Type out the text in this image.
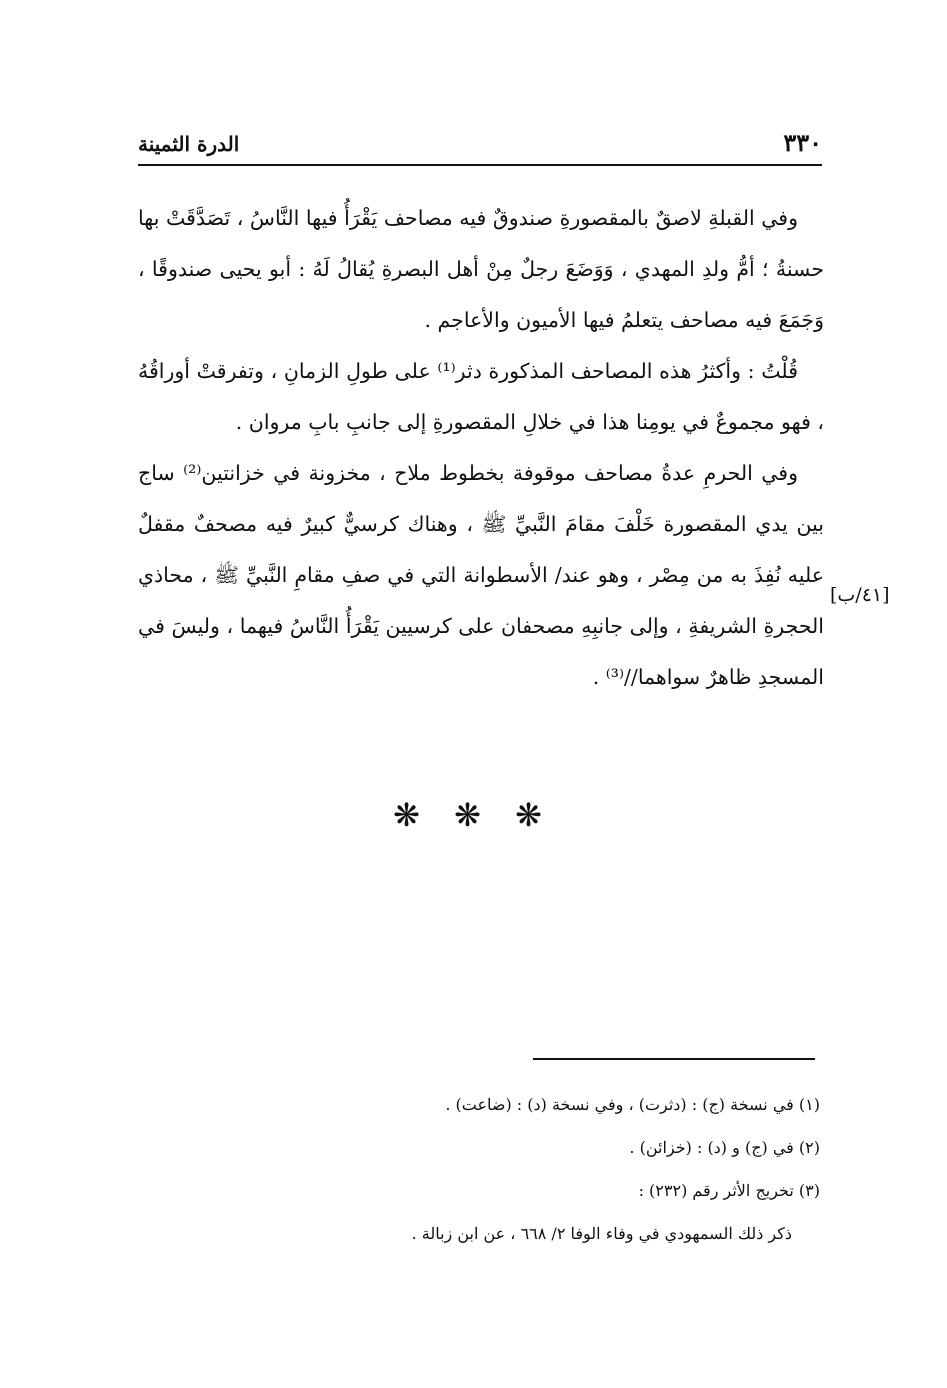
٣٣٠
الدرة الثمينة

وفي القبلةِ لاصقٌ بالمقصورةِ صندوقٌ فيه مصاحف يَقْرَأُ فيها النَّاسُ ، تَصَدَّقَتْ بها حسنةُ ؛ أمُّ ولدِ المهدي ، وَوَضَعَ رجلٌ مِنْ أهل البصرةِ يُقالُ لَهُ : أبو يحيى صندوقًا ، وَجَمَعَ فيه مصاحف يتعلمُ فيها الأميون والأعاجم .

قُلْتُ : وأكثرُ هذه المصاحف المذكورة دثر⁽¹⁾ على طولِ الزمانِ ، وتفرقتْ أوراقُهُ ، فهو مجموعٌ في يومِنا هذا في خلالِ المقصورةِ إلى جانبِ بابِ مروان .

وفي الحرمِ عدةُ مصاحف موقوفة بخطوط ملاح ، مخزونة في خزانتين⁽²⁾ ساج بين يدي المقصورة خَلْفَ مقامَ النَّبيِّ ﷺ ، وهناك كرسيٌّ كبيرٌ فيه مصحفٌ مقفلٌ عليه نُفِذَ به من مِصْر ، وهو عند/ الأسطوانة التي في صفِ مقامِ النَّبيِّ ﷺ ، محاذي الحجرةِ الشريفةِ ، وإلى جانبِهِ مصحفان على كرسيين يَقْرَأُ النَّاسُ فيهما ، وليسَ في المسجدِ ظاهرٌ سواهما//⁽³⁾ .

[٤١/ب]
❋ ❋ ❋

(١) في نسخة (ج) : (دثرت) ، وفي نسخة (د) : (ضاعت) .

(٢) في (ج) و (د) : (خزائن) .

(٣) تخريج الأثر رقم (٢٣٢) :

ذكر ذلك السمهودي في وفاء الوفا ٢/ ٦٦٨ ، عن ابن زبالة .
